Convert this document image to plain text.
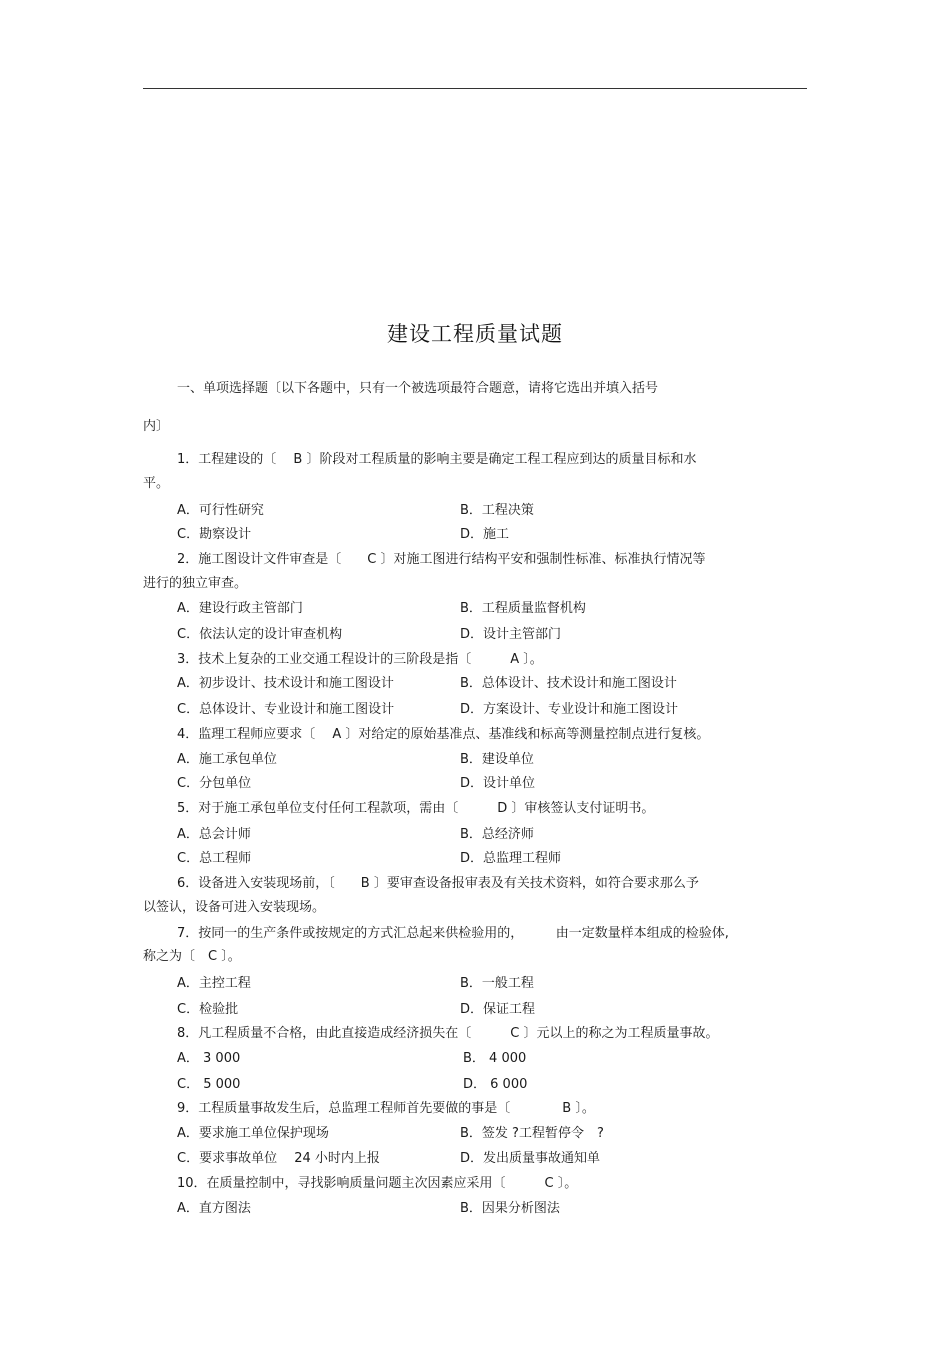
建设工程质量试题
一、单项选择题〔以下各题中，只有一个被选项最符合题意，请将它选出并填入括号
内〕
1．工程建设的〔　 B 〕阶段对工程质量的影响主要是确定工程工程应到达的质量目标和水
平。
A．可行性研究	B．工程决策
C．勘察设计	D．施工
2．施工图设计文件审查是〔　　C 〕对施工图进行结构平安和强制性标准、标准执行情况等
进行的独立审查。
A．建设行政主管部门	B．工程质量监督机构
C．依法认定的设计审查机构	D．设计主管部门
3．技术上复杂的工业交通工程设计的三阶段是指〔　　　A 〕。
A．初步设计、技术设计和施工图设计	B．总体设计、技术设计和施工图设计
C．总体设计、专业设计和施工图设计	D．方案设计、专业设计和施工图设计
4．监理工程师应要求〔　 A 〕对给定的原始基准点、基准线和标高等测量控制点进行复核。
A．施工承包单位	B．建设单位
C．分包单位	D．设计单位
5．对于施工承包单位支付任何工程款项，需由〔　　　D 〕审核签认支付证明书。
A．总会计师	B．总经济师
C．总工程师	D．总监理工程师
6．设备进入安装现场前，〔　　B 〕要审查设备报审表及有关技术资料，如符合要求那么予
以签认，设备可进入安装现场。
7．按同一的生产条件或按规定的方式汇总起来供检验用的，　　　由一定数量样本组成的检验体,
称之为〔　C 〕。
A．主控工程	B．一般工程
C．检验批	D．保证工程
8．凡工程质量不合格，由此直接造成经济损失在〔　　　C 〕元以上的称之为工程质量事故。
A． 3 000	B． 4 000
C． 5 000	D． 6 000
9．工程质量事故发生后，总监理工程师首先要做的事是〔　　　　B 〕。
A．要求施工单位保护现场	B．签发 ?工程暂停令　?
C．要求事故单位　 24 小时内上报	D．发出质量事故通知单
10．在质量控制中，寻找影响质量问题主次因素应采用〔　　　C 〕。
A．直方图法	B．因果分析图法
